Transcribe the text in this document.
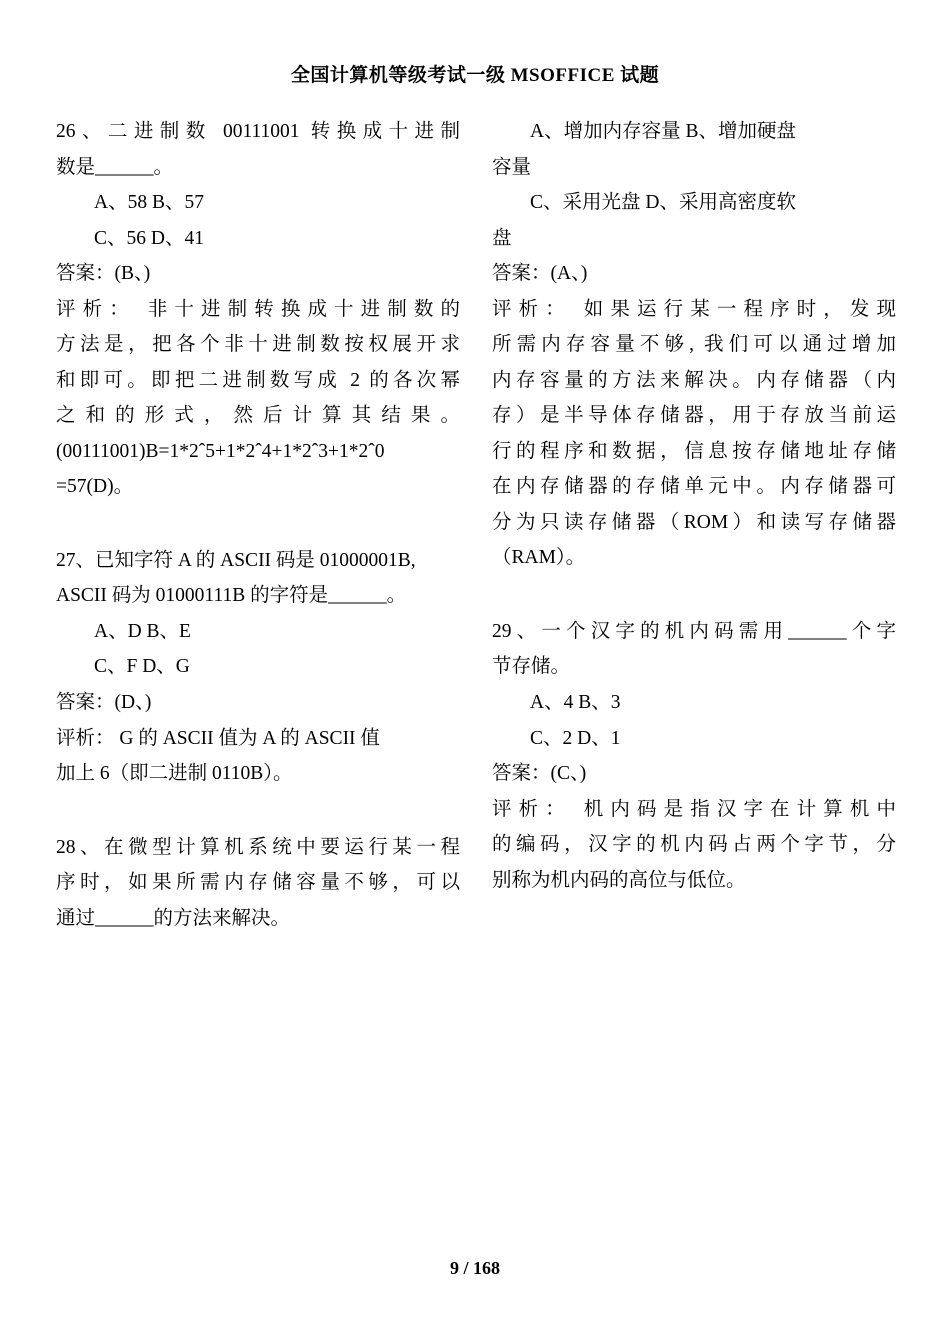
全国计算机等级考试一级 MSOFFICE 试题

26、二进制数 00111001 转换成十进制

数是______。

A、58 B、57

C、56 D、41

答案：(B、)

评析： 非十进制转换成十进制数的

方法是，把各个非十进制数按权展开求

和即可。即把二进制数写成 2 的各次幂

之和的形式，然后计算其结果。

(00111001)B=1*2ˆ5+1*2ˆ4+1*2ˆ3+1*2ˆ0

=57(D)。

27、已知字符 A 的 ASCII 码是 01000001B,

ASCII 码为 01000111B 的字符是______。

A、D B、E

C、F D、G

答案：(D、)

评析： G 的 ASCII 值为 A 的 ASCII 值

加上 6（即二进制 0110B）。

28、在微型计算机系统中要运行某一程

序时，如果所需内存储容量不够，可以

通过______的方法来解决。

A、增加内存容量 B、增加硬盘

容量

C、采用光盘 D、采用高密度软

盘

答案：(A、)

评析： 如果运行某一程序时，发现

所需内存容量不够, 我们可以通过增加

内存容量的方法来解决。内存储器（内

存）是半导体存储器，用于存放当前运

行的程序和数据，信息按存储地址存储

在内存储器的存储单元中。内存储器可

分为只读存储器（ROM）和读写存储器

（RAM）。

29、一个汉字的机内码需用______个字

节存储。

A、4 B、3

C、2 D、1

答案：(C、)

评析： 机内码是指汉字在计算机中

的编码，汉字的机内码占两个字节，分

别称为机内码的高位与低位。

9 / 168
